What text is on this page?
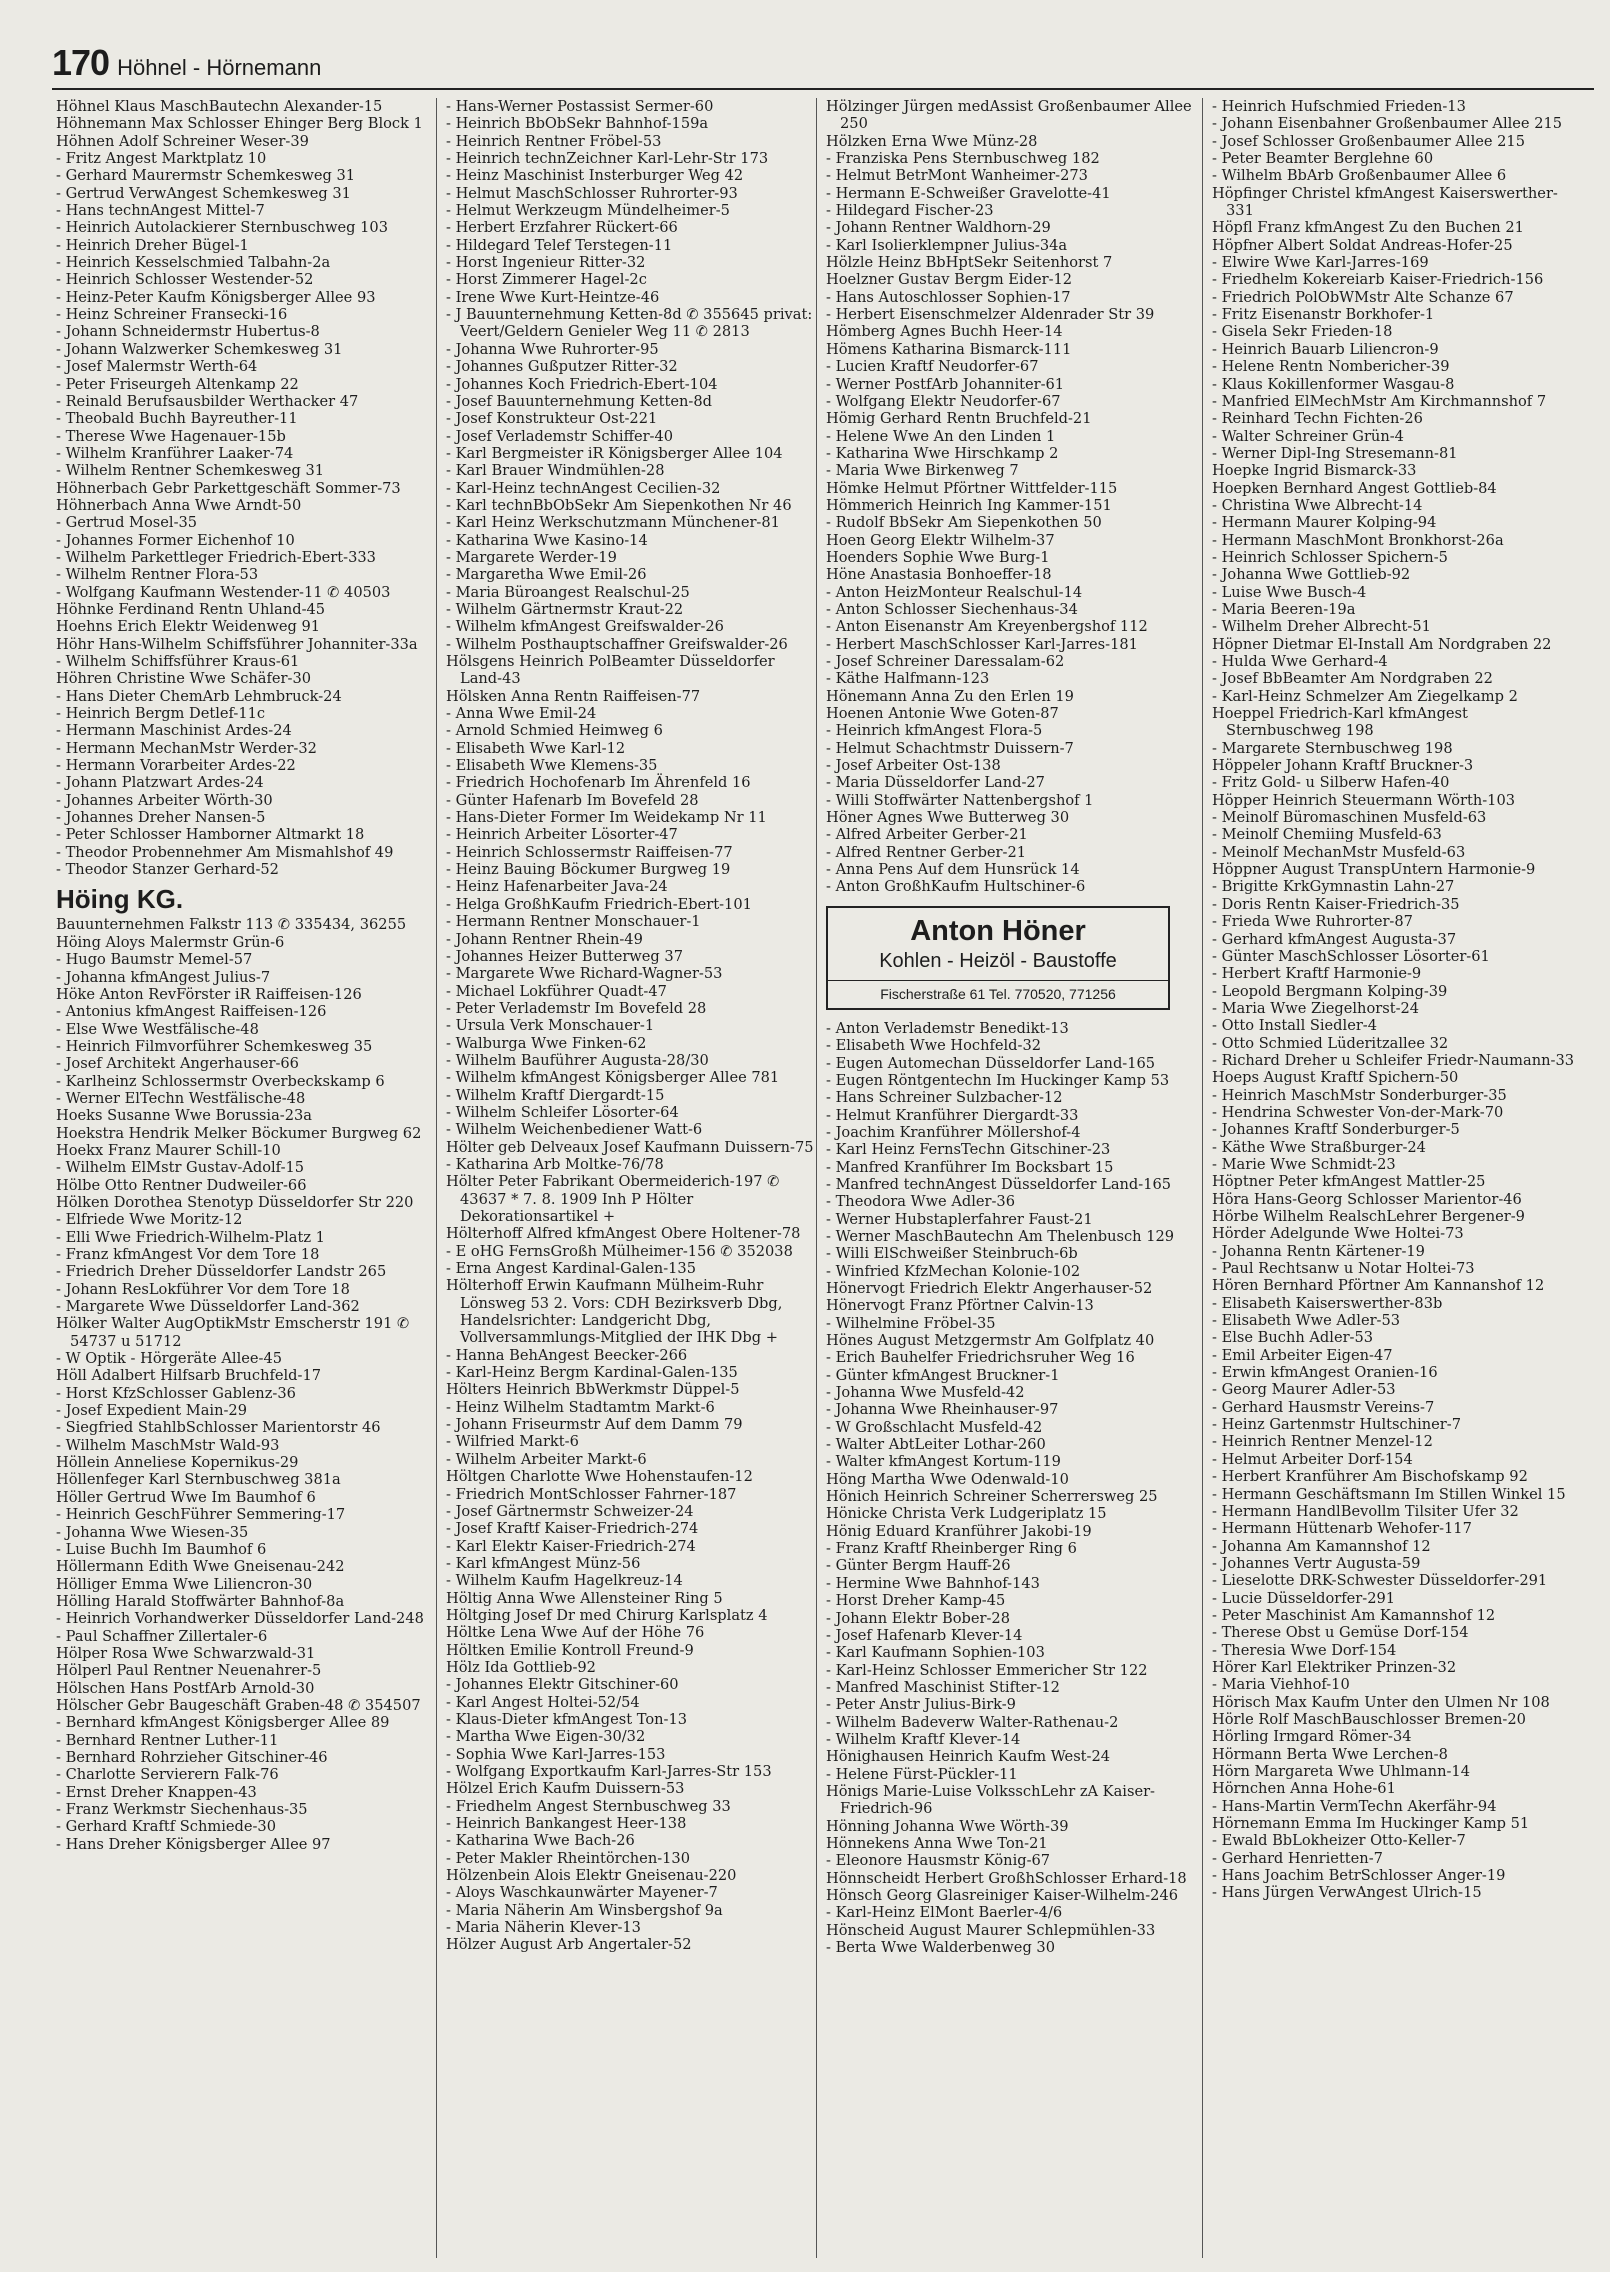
170 Höhnel - Hörnemann
Höhnel Klaus MaschBautechn Alexander-15
Höhnemann Max Schlosser Ehinger Berg Block 1
Höhnen Adolf Schreiner Weser-39
- Fritz Angest Marktplatz 10
- Gerhard Maurermstr Schemkesweg 31
- Gertrud VerwAngest Schemkesweg 31
- Hans technAngest Mittel-7
- Heinrich Autolackierer Sternbuschweg 103
- Heinrich Dreher Bügel-1
- Heinrich Kesselschmied Talbahn-2a
- Heinrich Schlosser Westender-52
- Heinz-Peter Kaufm Königsberger Allee 93
- Heinz Schreiner Fransecki-16
- Johann Schneidermstr Hubertus-8
- Johann Walzwerker Schemkesweg 31
- Josef Malermstr Werth-64
- Peter Friseurgeh Altenkamp 22
- Reinald Berufsausbilder Werthacker 47
- Theobald Buchh Bayreuther-11
- Therese Wwe Hagenauer-15b
- Wilhelm Kranführer Laaker-74
- Wilhelm Rentner Schemkesweg 31
Höhnerbach Gebr Parkettgeschäft Sommer-73
Höhnerbach Anna Wwe Arndt-50
- Gertrud Mosel-35
- Johannes Former Eichenhof 10
- Wilhelm Parkettleger Friedrich-Ebert-333
- Wilhelm Rentner Flora-53
- Wolfgang Kaufmann Westender-11 ✆ 40503
Höhnke Ferdinand Rentn Uhland-45
Hoehns Erich Elektr Weidenweg 91
Höhr Hans-Wilhelm Schiffsführer Johanniter-33a
- Wilhelm Schiffsführer Kraus-61
Höhren Christine Wwe Schäfer-30
- Hans Dieter ChemArb Lehmbruck-24
- Heinrich Bergm Detlef-11c
- Hermann Maschinist Ardes-24
- Hermann MechanMstr Werder-32
- Hermann Vorarbeiter Ardes-22
- Johann Platzwart Ardes-24
- Johannes Arbeiter Wörth-30
- Johannes Dreher Nansen-5
- Peter Schlosser Hamborner Altmarkt 18
- Theodor Probennehmer Am Mismahlshof 49
- Theodor Stanzer Gerhard-52
Höing KG.
Bauunternehmen Falkstr 113 ✆ 335434, 36255
Höing Aloys Malermstr Grün-6
- Hugo Baumstr Memel-57
- Johanna kfmAngest Julius-7
Höke Anton RevFörster iR Raiffeisen-126
- Antonius kfmAngest Raiffeisen-126
- Else Wwe Westfälische-48
- Heinrich Filmvorführer Schemkesweg 35
- Josef Architekt Angerhauser-66
- Karlheinz Schlossermstr Overbeckskamp 6
- Werner ElTechn Westfälische-48
Hoeks Susanne Wwe Borussia-23a
Hoekstra Hendrik Melker Böckumer Burgweg 62
Hoekx Franz Maurer Schill-10
- Wilhelm ElMstr Gustav-Adolf-15
Hölbe Otto Rentner Dudweiler-66
Hölken Dorothea Stenotyp Düsseldorfer Str 220
- Elfriede Wwe Moritz-12
- Elli Wwe Friedrich-Wilhelm-Platz 1
- Franz kfmAngest Vor dem Tore 18
- Friedrich Dreher Düsseldorfer Landstr 265
- Johann ResLokführer Vor dem Tore 18
- Margarete Wwe Düsseldorfer Land-362
Hölker Walter AugOptikMstr Emscherstr 191 ✆ 54737 u 51712
- W Optik - Hörgeräte Allee-45
Höll Adalbert Hilfsarb Bruchfeld-17
- Horst KfzSchlosser Gablenz-36
- Josef Expedient Main-29
- Siegfried StahlbSchlosser Marientorstr 46
- Wilhelm MaschMstr Wald-93
Höllein Anneliese Kopernikus-29
Höllenfeger Karl Sternbuschweg 381a
Höller Gertrud Wwe Im Baumhof 6
- Heinrich GeschFührer Semmering-17
- Johanna Wwe Wiesen-35
- Luise Buchh Im Baumhof 6
Höllermann Edith Wwe Gneisenau-242
Hölliger Emma Wwe Liliencron-30
Hölling Harald Stoffwärter Bahnhof-8a
- Heinrich Vorhandwerker Düsseldorfer Land-248
- Paul Schaffner Zillertaler-6
Hölper Rosa Wwe Schwarzwald-31
Hölperl Paul Rentner Neuenahrer-5
Hölschen Hans PostfArb Arnold-30
Hölscher Gebr Baugeschäft Graben-48 ✆ 354507
- Bernhard kfmAngest Königsberger Allee 89
- Bernhard Rentner Luther-11
- Bernhard Rohrzieher Gitschiner-46
- Charlotte Servierern Falk-76
- Ernst Dreher Knappen-43
- Franz Werkmstr Siechenhaus-35
- Gerhard Kraftf Schmiede-30
- Hans Dreher Königsberger Allee 97
- Hans-Werner Postassist Sermer-60
- Heinrich BbObSekr Bahnhof-159a
- Heinrich Rentner Fröbel-53
- Heinrich technZeichner Karl-Lehr-Str 173
- Heinz Maschinist Insterburger Weg 42
- Helmut MaschSchlosser Ruhrorter-93
- Helmut Werkzeugm Mündelheimer-5
- Herbert Erzfahrer Rückert-66
- Hildegard Telef Terstegen-11
- Horst Ingenieur Ritter-32
- Horst Zimmerer Hagel-2c
- Irene Wwe Kurt-Heintze-46
- J Bauunternehmung Ketten-8d ✆ 355645 privat: Veert/Geldern Genieler Weg 11 ✆ 2813
- Johanna Wwe Ruhrorter-95
- Johannes Gußputzer Ritter-32
- Johannes Koch Friedrich-Ebert-104
- Josef Bauunternehmung Ketten-8d
- Josef Konstrukteur Ost-221
- Josef Verlademstr Schiffer-40
- Karl Bergmeister iR Königsberger Allee 104
- Karl Brauer Windmühlen-28
- Karl-Heinz technAngest Cecilien-32
- Karl technBbObSekr Am Siepenkothen Nr 46
- Karl Heinz Werkschutzmann Münchener-81
- Katharina Wwe Kasino-14
- Margarete Werder-19
- Margaretha Wwe Emil-26
- Maria Büroangest Realschul-25
- Wilhelm Gärtnermstr Kraut-22
- Wilhelm kfmAngest Greifswalder-26
- Wilhelm Posthauptschaffner Greifswalder-26
Hölsgens Heinrich PolBeamter Düsseldorfer Land-43
Hölsken Anna Rentn Raiffeisen-77
- Anna Wwe Emil-24
- Arnold Schmied Heimweg 6
- Elisabeth Wwe Karl-12
- Elisabeth Wwe Klemens-35
- Friedrich Hochofenarb Im Ährenfeld 16
- Günter Hafenarb Im Bovefeld 28
- Hans-Dieter Former Im Weidekamp Nr 11
- Heinrich Arbeiter Lösorter-47
- Heinrich Schlossermstr Raiffeisen-77
- Heinz Bauing Böckumer Burgweg 19
- Heinz Hafenarbeiter Java-24
- Helga GroßhKaufm Friedrich-Ebert-101
- Hermann Rentner Monschauer-1
- Johann Rentner Rhein-49
- Johannes Heizer Butterweg 37
- Margarete Wwe Richard-Wagner-53
- Michael Lokführer Quadt-47
- Peter Verlademstr Im Bovefeld 28
- Ursula Verk Monschauer-1
- Walburga Wwe Finken-62
- Wilhelm Bauführer Augusta-28/30
- Wilhelm kfmAngest Königsberger Allee 781
- Wilhelm Kraftf Diergardt-15
- Wilhelm Schleifer Lösorter-64
- Wilhelm Weichenbediener Watt-6
Hölter geb Delveaux Josef Kaufmann Duissern-75
- Katharina Arb Moltke-76/78
Hölter Peter Fabrikant Obermeiderich-197 ✆ 43637 * 7. 8. 1909 Inh P Hölter Dekorationsartikel +
Hölterhoff Alfred kfmAngest Obere Holtener-78
- E oHG FernsGroßh Mülheimer-156 ✆ 352038
- Erna Angest Kardinal-Galen-135
Hölterhoff Erwin Kaufmann Mülheim-Ruhr Lönsweg 53 2. Vors: CDH Bezirksverb Dbg, Handelsrichter: Landgericht Dbg, Vollversammlungs-Mitglied der IHK Dbg +
- Hanna BehAngest Beecker-266
- Karl-Heinz Bergm Kardinal-Galen-135
Hölters Heinrich BbWerkmstr Düppel-5
- Heinz Wilhelm Stadtamtm Markt-6
- Johann Friseurmstr Auf dem Damm 79
- Wilfried Markt-6
- Wilhelm Arbeiter Markt-6
Höltgen Charlotte Wwe Hohenstaufen-12
- Friedrich MontSchlosser Fahrner-187
- Josef Gärtnermstr Schweizer-24
- Josef Kraftf Kaiser-Friedrich-274
- Karl Elektr Kaiser-Friedrich-274
- Karl kfmAngest Münz-56
- Wilhelm Kaufm Hagelkreuz-14
Höltig Anna Wwe Allensteiner Ring 5
Höltging Josef Dr med Chirurg Karlsplatz 4
Höltke Lena Wwe Auf der Höhe 76
Höltken Emilie Kontroll Freund-9
Hölz Ida Gottlieb-92
- Johannes Elektr Gitschiner-60
- Karl Angest Holtei-52/54
- Klaus-Dieter kfmAngest Ton-13
- Martha Wwe Eigen-30/32
- Sophia Wwe Karl-Jarres-153
- Wolfgang Exportkaufm Karl-Jarres-Str 153
Hölzel Erich Kaufm Duissern-53
- Friedhelm Angest Sternbuschweg 33
- Heinrich Bankangest Heer-138
- Katharina Wwe Bach-26
- Peter Makler Rheintörchen-130
Hölzenbein Alois Elektr Gneisenau-220
- Aloys Waschkaunwärter Mayener-7
- Maria Näherin Am Winsbergshof 9a
- Maria Näherin Klever-13
Hölzer August Arb Angertaler-52
Hölzinger Jürgen medAssist Großenbaumer Allee 250
Hölzken Erna Wwe Münz-28
- Franziska Pens Sternbuschweg 182
- Helmut BetrMont Wanheimer-273
- Hermann E-Schweißer Gravelotte-41
- Hildegard Fischer-23
- Johann Rentner Waldhorn-29
- Karl Isolierklempner Julius-34a
Hölzle Heinz BbHptSekr Seitenhorst 7
Hoelzner Gustav Bergm Eider-12
- Hans Autoschlosser Sophien-17
- Herbert Eisenschmelzer Aldenrader Str 39
Hömberg Agnes Buchh Heer-14
Hömens Katharina Bismarck-111
- Lucien Kraftf Neudorfer-67
- Werner PostfArb Johanniter-61
- Wolfgang Elektr Neudorfer-67
Hömig Gerhard Rentn Bruchfeld-21
- Helene Wwe An den Linden 1
- Katharina Wwe Hirschkamp 2
- Maria Wwe Birkenweg 7
Hömke Helmut Pförtner Wittfelder-115
Hömmerich Heinrich Ing Kammer-151
- Rudolf BbSekr Am Siepenkothen 50
Hoen Georg Elektr Wilhelm-37
Hoenders Sophie Wwe Burg-1
Höne Anastasia Bonhoeffer-18
- Anton HeizMonteur Realschul-14
- Anton Schlosser Siechenhaus-34
- Anton Eisenanstr Am Kreyenbergshof 112
- Herbert MaschSchlosser Karl-Jarres-181
- Josef Schreiner Daressalam-62
- Käthe Halfmann-123
Hönemann Anna Zu den Erlen 19
Hoenen Antonie Wwe Goten-87
- Heinrich kfmAngest Flora-5
- Helmut Schachtmstr Duissern-7
- Josef Arbeiter Ost-138
- Maria Düsseldorfer Land-27
- Willi Stoffwärter Nattenbergshof 1
Höner Agnes Wwe Butterweg 30
- Alfred Arbeiter Gerber-21
- Alfred Rentner Gerber-21
- Anna Pens Auf dem Hunsrück 14
- Anton GroßhKaufm Hultschiner-6
Anton Höner
Kohlen - Heizöl - Baustoffe
Fischerstraße 61 Tel. 770520, 771256
- Anton Verlademstr Benedikt-13
- Elisabeth Wwe Hochfeld-32
- Eugen Automechan Düsseldorfer Land-165
- Eugen Röntgentechn Im Huckinger Kamp 53
- Hans Schreiner Sulzbacher-12
- Helmut Kranführer Diergardt-33
- Joachim Kranführer Möllershof-4
- Karl Heinz FernsTechn Gitschiner-23
- Manfred Kranführer Im Bocksbart 15
- Manfred technAngest Düsseldorfer Land-165
- Theodora Wwe Adler-36
- Werner Hubstaplerfahrer Faust-21
- Werner MaschBautechn Am Thelenbusch 129
- Willi ElSchweißer Steinbruch-6b
- Winfried KfzMechan Kolonie-102
Hönervogt Friedrich Elektr Angerhauser-52
Hönervogt Franz Pförtner Calvin-13
- Wilhelmine Fröbel-35
Hönes August Metzgermstr Am Golfplatz 40
- Erich Bauhelfer Friedrichsruher Weg 16
- Günter kfmAngest Bruckner-1
- Johanna Wwe Musfeld-42
- Johanna Wwe Rheinhauser-97
- W Großschlacht Musfeld-42
- Walter AbtLeiter Lothar-260
- Walter kfmAngest Kortum-119
Höng Martha Wwe Odenwald-10
Hönich Heinrich Schreiner Scherrersweg 25
Hönicke Christa Verk Ludgeriplatz 15
Hönig Eduard Kranführer Jakobi-19
- Franz Kraftf Rheinberger Ring 6
- Günter Bergm Hauff-26
- Hermine Wwe Bahnhof-143
- Horst Dreher Kamp-45
- Johann Elektr Bober-28
- Josef Hafenarb Klever-14
- Karl Kaufmann Sophien-103
- Karl-Heinz Schlosser Emmericher Str 122
- Manfred Maschinist Stifter-12
- Peter Anstr Julius-Birk-9
- Wilhelm Badeverw Walter-Rathenau-2
- Wilhelm Kraftf Klever-14
Hönighausen Heinrich Kaufm West-24
- Helene Fürst-Pückler-11
Hönigs Marie-Luise VolksschLehr zA Kaiser-Friedrich-96
Hönning Johanna Wwe Wörth-39
Hönnekens Anna Wwe Ton-21
- Eleonore Hausmstr König-67
Hönnscheidt Herbert GroßhSchlosser Erhard-18
Hönsch Georg Glasreiniger Kaiser-Wilhelm-246
- Karl-Heinz ElMont Baerler-4/6
Hönscheid August Maurer Schlepmühlen-33
- Berta Wwe Walderbenweg 30
- Heinrich Hufschmied Frieden-13
- Johann Eisenbahner Großenbaumer Allee 215
- Josef Schlosser Großenbaumer Allee 215
- Peter Beamter Berglehne 60
- Wilhelm BbArb Großenbaumer Allee 6
Höpfinger Christel kfmAngest Kaiserswerther-331
Höpfl Franz kfmAngest Zu den Buchen 21
Höpfner Albert Soldat Andreas-Hofer-25
- Elwire Wwe Karl-Jarres-169
- Friedhelm Kokereiarb Kaiser-Friedrich-156
- Friedrich PolObWMstr Alte Schanze 67
- Fritz Eisenanstr Borkhofer-1
- Gisela Sekr Frieden-18
- Heinrich Bauarb Liliencron-9
- Helene Rentn Nombericher-39
- Klaus Kokillenformer Wasgau-8
- Manfried ElMechMstr Am Kirchmannshof 7
- Reinhard Techn Fichten-26
- Walter Schreiner Grün-4
- Werner Dipl-Ing Stresemann-81
Hoepke Ingrid Bismarck-33
Hoepken Bernhard Angest Gottlieb-84
- Christina Wwe Albrecht-14
- Hermann Maurer Kolping-94
- Hermann MaschMont Bronkhorst-26a
- Heinrich Schlosser Spichern-5
- Johanna Wwe Gottlieb-92
- Luise Wwe Busch-4
- Maria Beeren-19a
- Wilhelm Dreher Albrecht-51
Höpner Dietmar El-Install Am Nordgraben 22
- Hulda Wwe Gerhard-4
- Josef BbBeamter Am Nordgraben 22
- Karl-Heinz Schmelzer Am Ziegelkamp 2
Hoeppel Friedrich-Karl kfmAngest Sternbuschweg 198
- Margarete Sternbuschweg 198
Höppeler Johann Kraftf Bruckner-3
- Fritz Gold- u Silberw Hafen-40
Höpper Heinrich Steuermann Wörth-103
- Meinolf Büromaschinen Musfeld-63
- Meinolf Chemiing Musfeld-63
- Meinolf MechanMstr Musfeld-63
Höppner August TranspUntern Harmonie-9
- Brigitte KrkGymnastin Lahn-27
- Doris Rentn Kaiser-Friedrich-35
- Frieda Wwe Ruhrorter-87
- Gerhard kfmAngest Augusta-37
- Günter MaschSchlosser Lösorter-61
- Herbert Kraftf Harmonie-9
- Leopold Bergmann Kolping-39
- Maria Wwe Ziegelhorst-24
- Otto Install Siedler-4
- Otto Schmied Lüderitzallee 32
- Richard Dreher u Schleifer Friedr-Naumann-33
Hoeps August Kraftf Spichern-50
- Heinrich MaschMstr Sonderburger-35
- Hendrina Schwester Von-der-Mark-70
- Johannes Kraftf Sonderburger-5
- Käthe Wwe Straßburger-24
- Marie Wwe Schmidt-23
Höptner Peter kfmAngest Mattler-25
Höra Hans-Georg Schlosser Marientor-46
Hörbe Wilhelm RealschLehrer Bergener-9
Hörder Adelgunde Wwe Holtei-73
- Johanna Rentn Kärtener-19
- Paul Rechtsanw u Notar Holtei-73
Hören Bernhard Pförtner Am Kannanshof 12
- Elisabeth Kaiserswerther-83b
- Elisabeth Wwe Adler-53
- Else Buchh Adler-53
- Emil Arbeiter Eigen-47
- Erwin kfmAngest Oranien-16
- Georg Maurer Adler-53
- Gerhard Hausmstr Vereins-7
- Heinz Gartenmstr Hultschiner-7
- Heinrich Rentner Menzel-12
- Helmut Arbeiter Dorf-154
- Herbert Kranführer Am Bischofskamp 92
- Hermann Geschäftsmann Im Stillen Winkel 15
- Hermann HandlBevollm Tilsiter Ufer 32
- Hermann Hüttenarb Wehofer-117
- Johanna Am Kamannshof 12
- Johannes Vertr Augusta-59
- Lieselotte DRK-Schwester Düsseldorfer-291
- Lucie Düsseldorfer-291
- Peter Maschinist Am Kamannshof 12
- Therese Obst u Gemüse Dorf-154
- Theresia Wwe Dorf-154
Hörer Karl Elektriker Prinzen-32
- Maria Viehhof-10
Hörisch Max Kaufm Unter den Ulmen Nr 108
Hörle Rolf MaschBauschlosser Bremen-20
Hörling Irmgard Römer-34
Hörmann Berta Wwe Lerchen-8
Hörn Margareta Wwe Uhlmann-14
Hörnchen Anna Hohe-61
- Hans-Martin VermTechn Akerfähr-94
Hörnemann Emma Im Huckinger Kamp 51
- Ewald BbLokheizer Otto-Keller-7
- Gerhard Henrietten-7
- Hans Joachim BetrSchlosser Anger-19
- Hans Jürgen VerwAngest Ulrich-15
